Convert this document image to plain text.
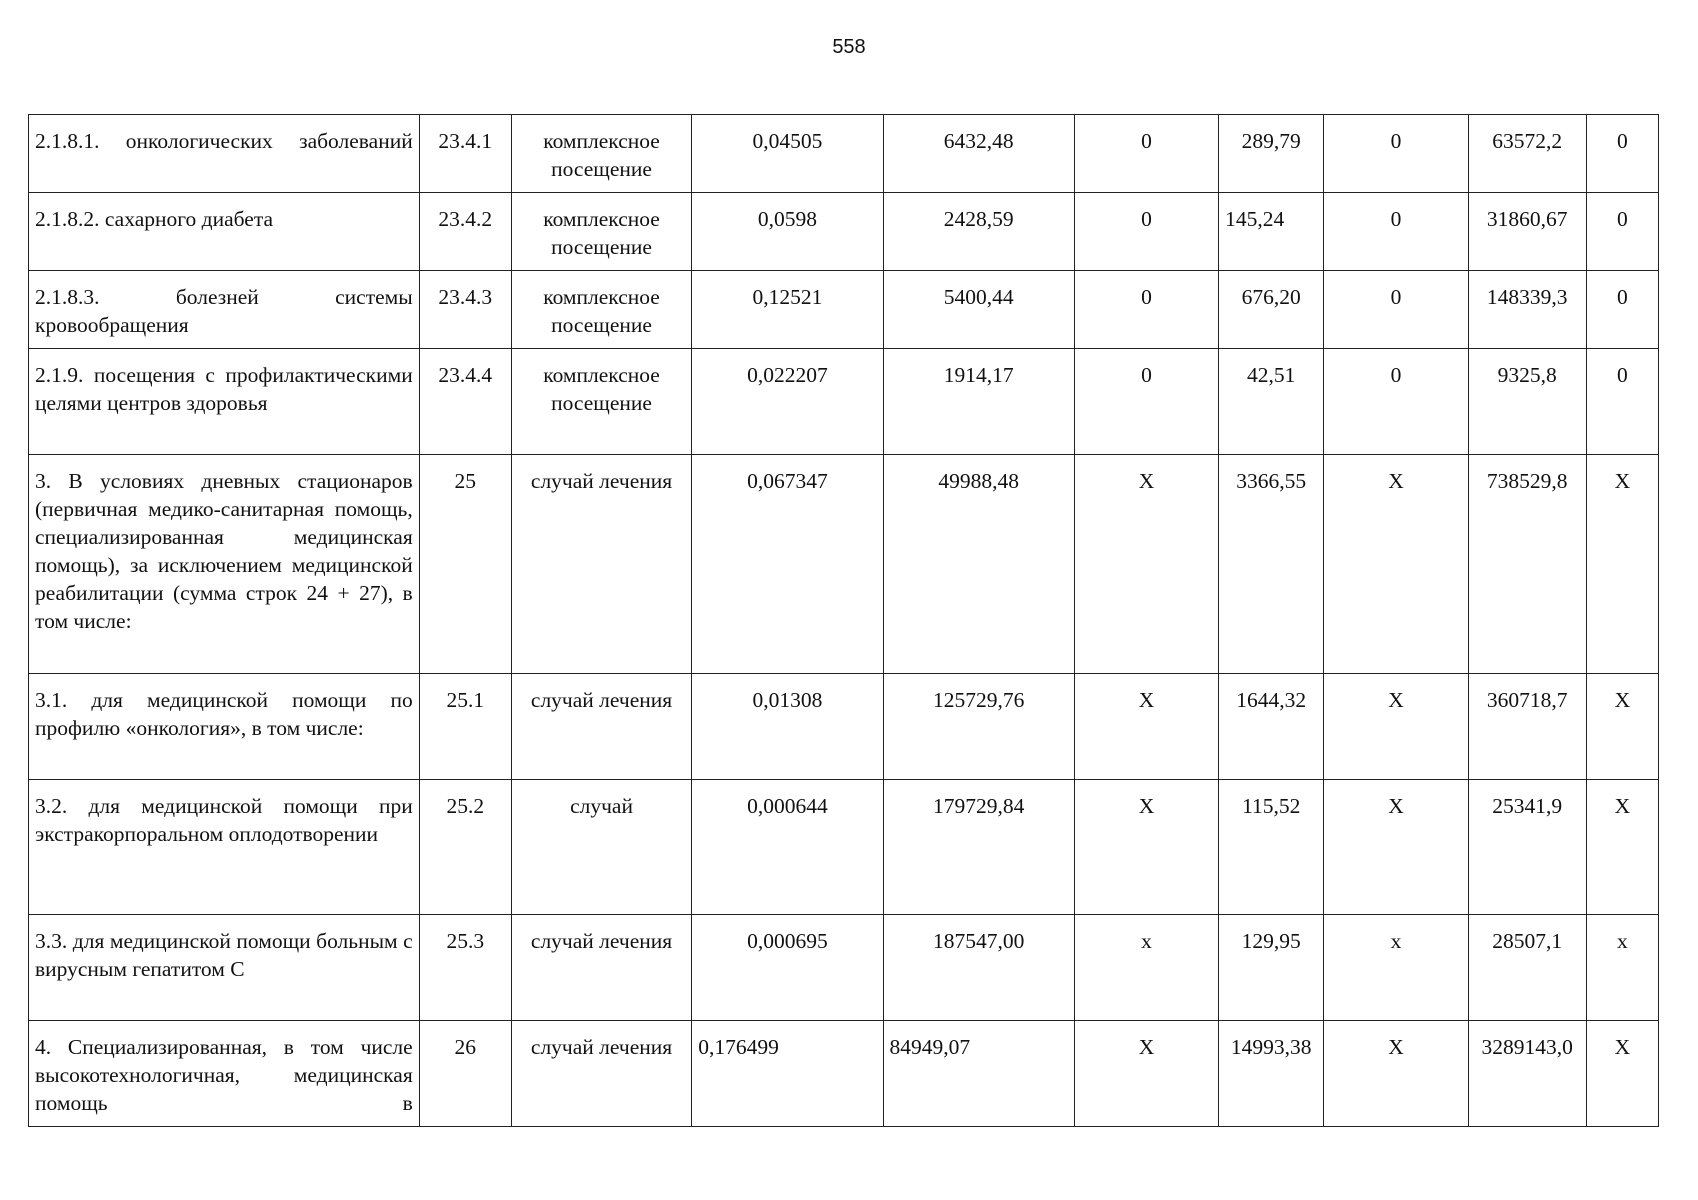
558
2.1.8.1. онкологических заболеваний	23.4.1	комплексное посещение	0,04505	6432,48	0	289,79	0	63572,2	0
2.1.8.2. сахарного диабета	23.4.2	комплексное посещение	0,0598	2428,59	0	145,24	0	31860,67	0
2.1.8.3. болезней системы кровообращения	23.4.3	комплексное посещение	0,12521	5400,44	0	676,20	0	148339,3	0
2.1.9. посещения с профилактическими целями центров здоровья	23.4.4	комплексное посещение	0,022207	1914,17	0	42,51	0	9325,8	0
3. В условиях дневных стационаров (первичная медико-санитарная помощь, специализированная медицинская помощь), за исключением медицинской реабилитации (сумма строк 24 + 27), в том числе:	25	случай лечения	0,067347	49988,48	Х	3366,55	Х	738529,8	Х
3.1. для медицинской помощи по профилю «онкология», в том числе:	25.1	случай лечения	0,01308	125729,76	Х	1644,32	Х	360718,7	Х
3.2. для медицинской помощи при экстракорпоральном оплодотворении	25.2	случай	0,000644	179729,84	Х	115,52	Х	25341,9	Х
3.3. для медицинской помощи больным с вирусным гепатитом С	25.3	случай лечения	0,000695	187547,00	х	129,95	х	28507,1	х
4. Специализированная, в том числе высокотехнологичная, медицинская помощь в	26	случай лечения	0,176499	84949,07	Х	14993,38	Х	3289143,0	Х
